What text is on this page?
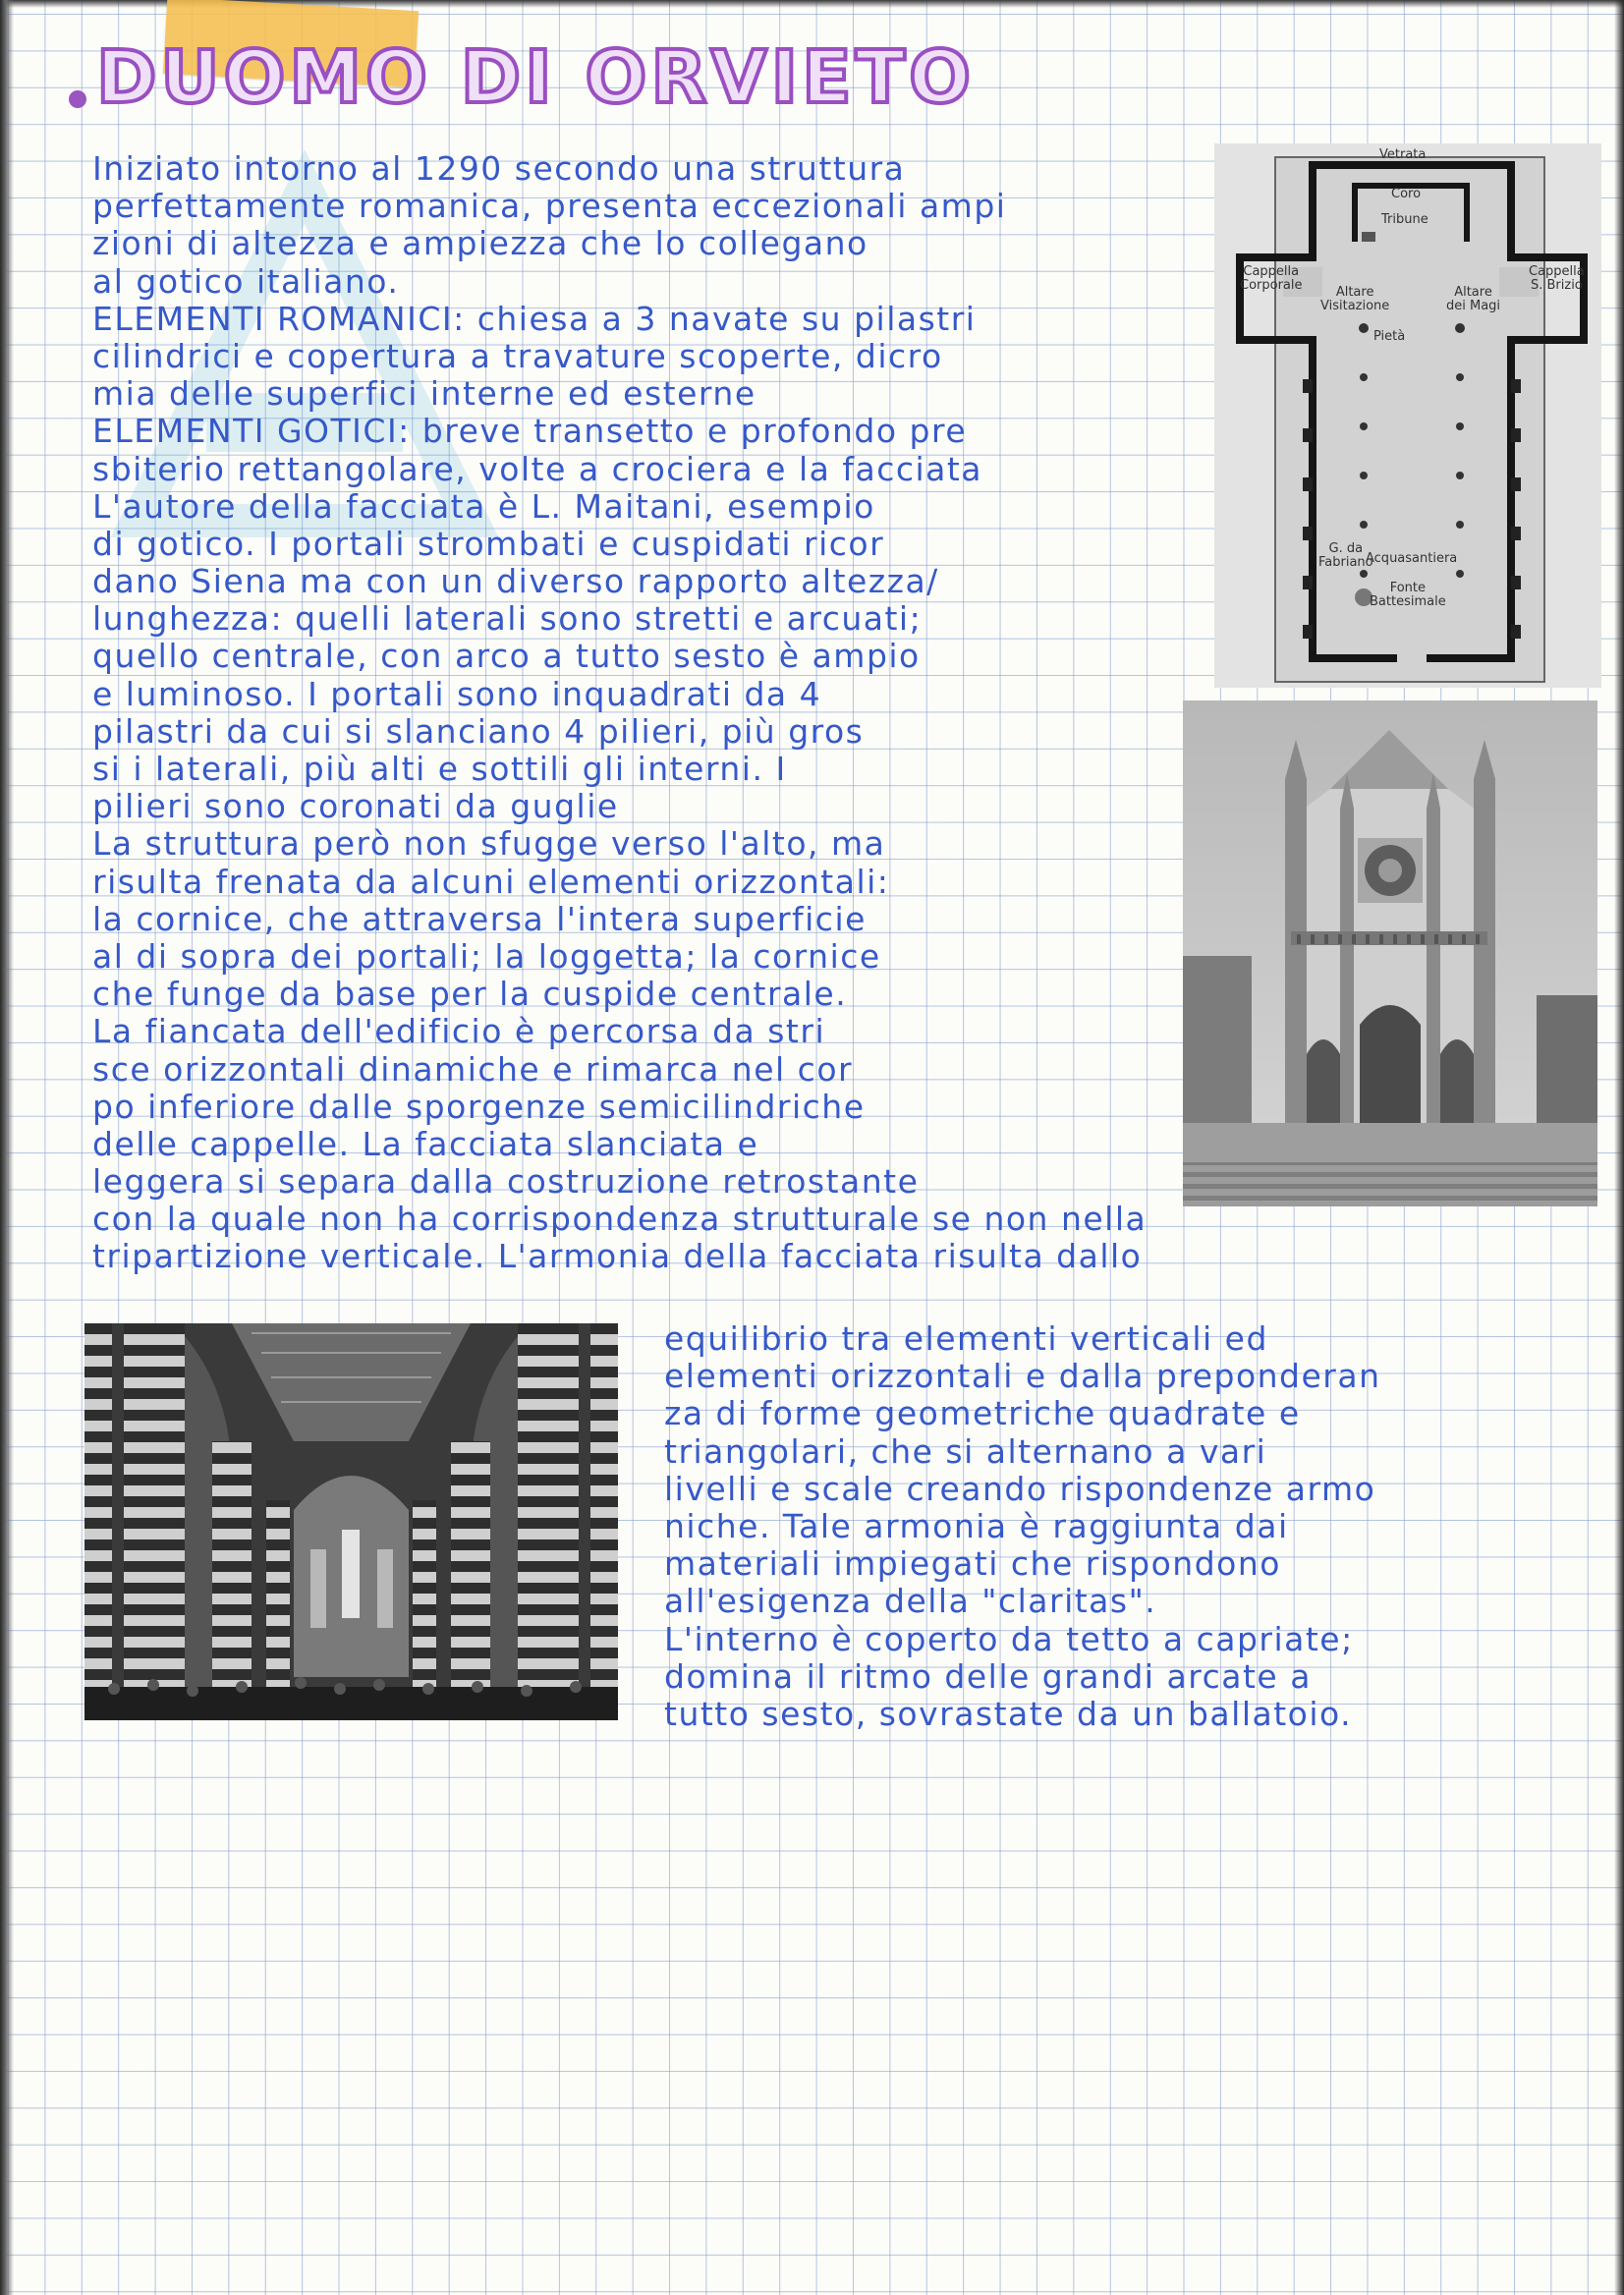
DUOMO DI ORVIETO
Iniziato intorno al 1290 secondo una struttura
perfettamente romanica, presenta eccezionali ampi
zioni di altezza e ampiezza che lo collegano
al gotico italiano.
ELEMENTI ROMANICI: chiesa a 3 navate su pilastri
cilindrici e copertura a travature scoperte, dicro
mia delle superfici interne ed esterne
ELEMENTI GOTICI: breve transetto e profondo pre
sbiterio rettangolare, volte a crociera e la facciata
L'autore della facciata è L. Maitani, esempio
di gotico. I portali strombati e cuspidati ricor
dano Siena ma con un diverso rapporto altezza/
lunghezza: quelli laterali sono stretti e arcuati;
quello centrale, con arco a tutto sesto è ampio
e luminoso. I portali sono inquadrati da 4
pilastri da cui si slanciano 4 pilieri, più gros
si i laterali, più alti e sottili gli interni. I
pilieri sono coronati da guglie
La struttura però non sfugge verso l'alto, ma
risulta frenata da alcuni elementi orizzontali:
la cornice, che attraversa l'intera superficie
al di sopra dei portali; la loggetta; la cornice
che funge da base per la cuspide centrale.
La fiancata dell'edificio è percorsa da stri
sce orizzontali dinamiche e rimarca nel cor
po inferiore dalle sporgenze semicilindriche
delle cappelle. La facciata slanciata e
leggera si separa dalla costruzione retrostante
con la quale non ha corrispondenza strutturale se non nella
tripartizione verticale. L'armonia della facciata risulta dallo
equilibrio tra elementi verticali ed
elementi orizzontali e dalla preponderan
za di forme geometriche quadrate e
triangolari, che si alternano a vari
livelli e scale creando rispondenze armo
niche. Tale armonia è raggiunta dai
materiali impiegati che rispondono
all'esigenza della "claritas".
L'interno è coperto da tetto a capriate;
domina il ritmo delle grandi arcate a
tutto sesto, sovrastate da un ballatoio.
Vetrata
Coro
Tribune
Cappella
Corporale	Altare
Visitazione
Pietà
Altare
dei Magi
Cappella
S. Brizio
G. da
Fabriano
Acquasantiera
Fonte
Battesimale
